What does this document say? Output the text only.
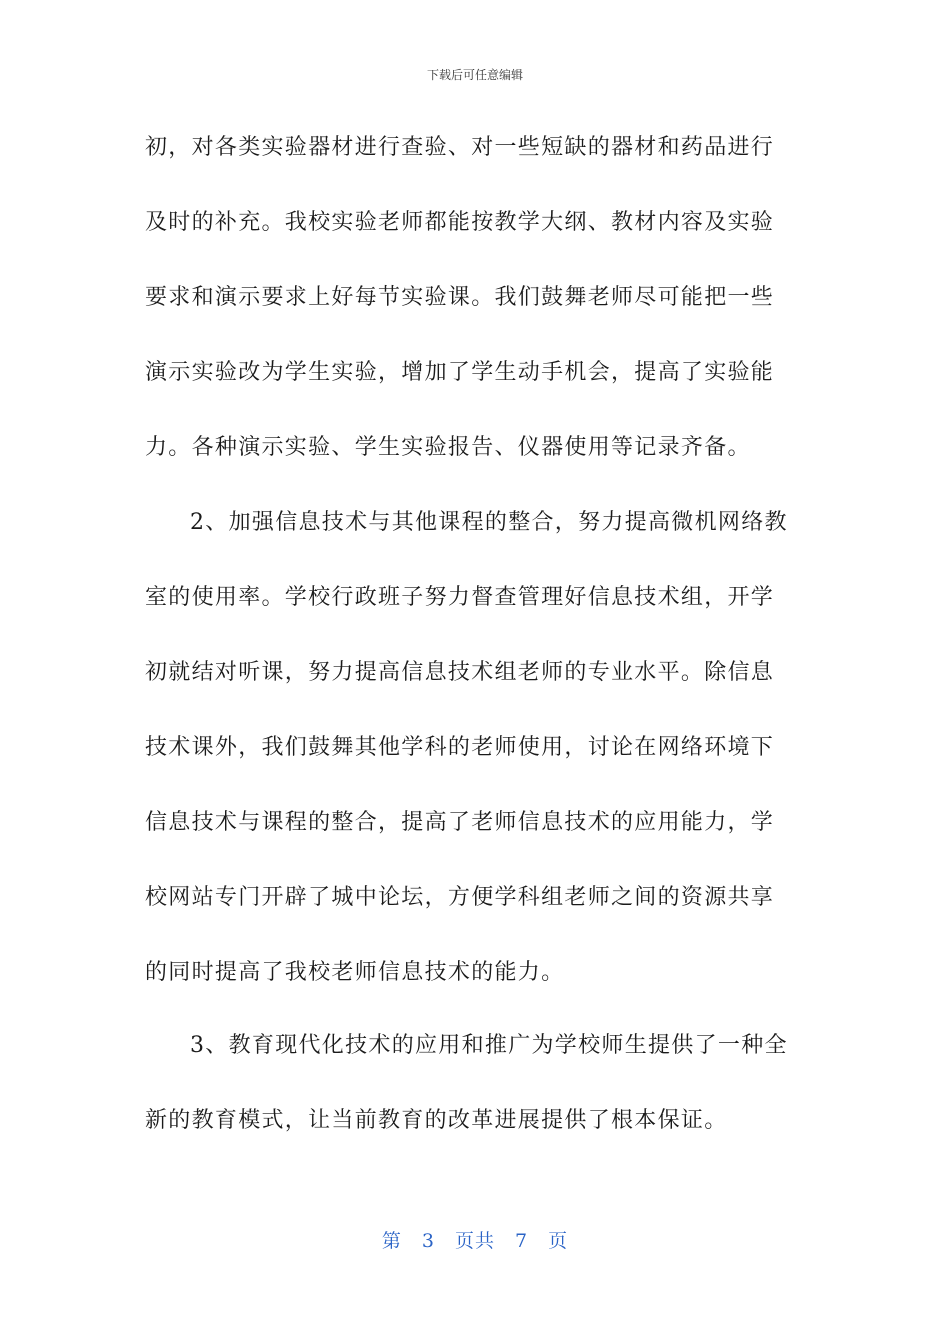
下载后可任意编辑
初，对各类实验器材进行查验、对一些短缺的器材和药品进行
及时的补充。我校实验老师都能按教学大纲、教材内容及实验
要求和演示要求上好每节实验课。我们鼓舞老师尽可能把一些
演示实验改为学生实验，增加了学生动手机会，提高了实验能
力。各种演示实验、学生实验报告、仪器使用等记录齐备。
2、加强信息技术与其他课程的整合，努力提高微机网络教
室的使用率。学校行政班子努力督查管理好信息技术组，开学
初就结对听课，努力提高信息技术组老师的专业水平。除信息
技术课外，我们鼓舞其他学科的老师使用，讨论在网络环境下
信息技术与课程的整合，提高了老师信息技术的应用能力，学
校网站专门开辟了城中论坛，方便学科组老师之间的资源共享
的同时提高了我校老师信息技术的能力。
3、教育现代化技术的应用和推广为学校师生提供了一种全
新的教育模式，让当前教育的改革进展提供了根本保证。
第 3 页共 7 页
